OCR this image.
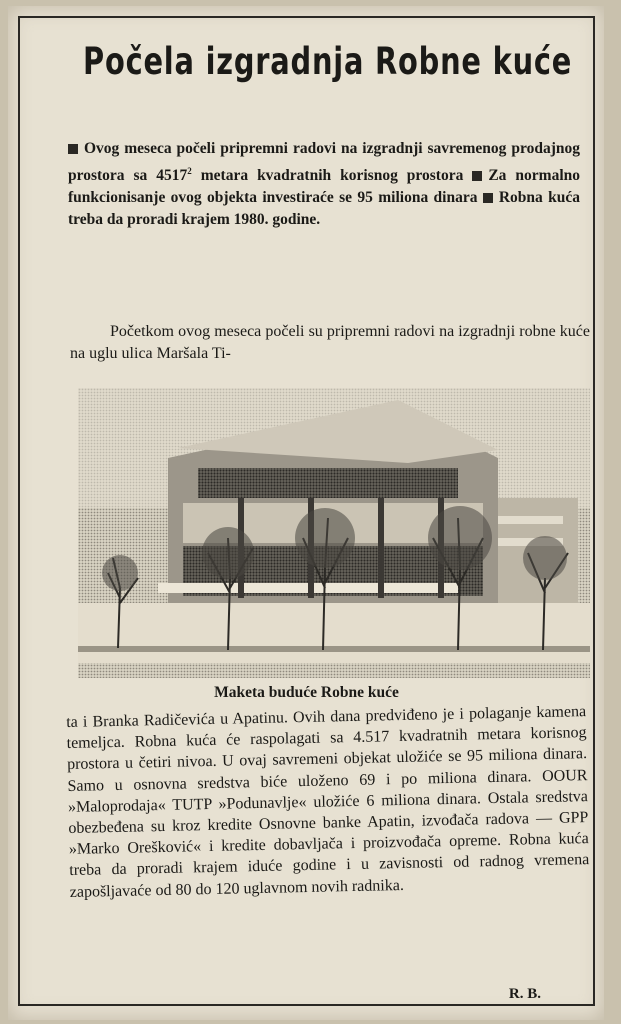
Počela izgradnja Robne kuće

Ovog meseca počeli pripremni radovi na izgradnji savremenog prodajnog prostora sa 4517$^2$ metara kvadratnih korisnog prostora Za normalno funkcionisanje ovog objekta investiraće se 95 miliona dinara Robna kuća treba da proradi krajem 1980. godine.

Početkom ovog meseca počeli su pripremni radovi na izgradnji robne kuće na uglu ulica Maršala Ti-

Maketa buduće Robne kuće

ta i Branka Radičevića u Apatinu. Ovih dana predviđeno je i polaganje kamena temeljca. Robna kuća će raspolagati sa 4.517 kvadratnih metara korisnog prostora u četiri nivoa. U ovaj savremeni objekat uložiće se 95 miliona dinara. Samo u osnovna sredstva biće uloženo 69 i po miliona dinara. OOUR »Maloprodaja« TUTP »Podunavlje« uložiće 6 miliona dinara. Ostala sredstva obezbeđena su kroz kredite Osnovne banke Apatin, izvođača radova — GPP »Marko Orešković« i kredite dobavljača i proizvođača opreme. Robna kuća treba da proradi krajem iduće godine i u zavisnosti od radnog vremena zapošljavaće od 80 do 120 uglavnom novih radnika.

R. B.
